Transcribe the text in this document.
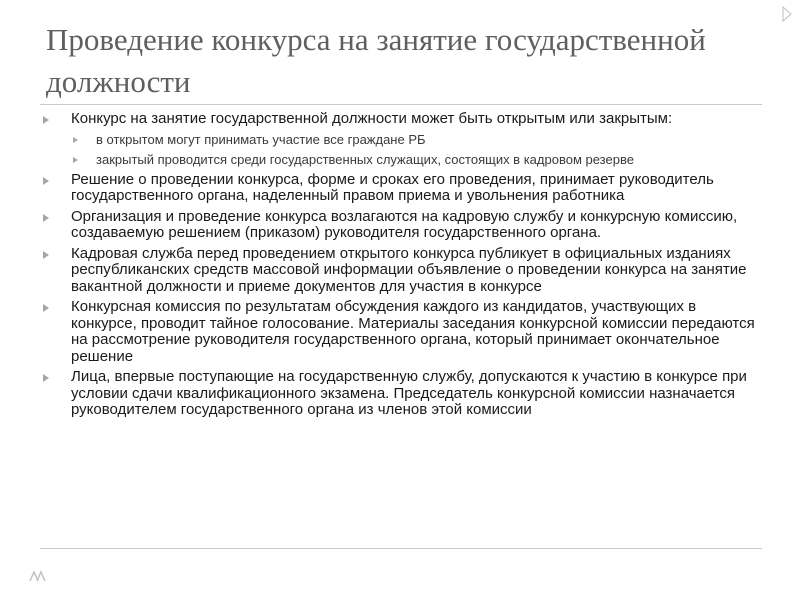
Проведение конкурса на занятие государственной должности
Конкурс на занятие государственной должности может быть открытым или закрытым:
в открытом могут принимать участие все граждане РБ
закрытый проводится среди государственных служащих, состоящих в кадровом резерве
Решение о проведении конкурса, форме и сроках его проведения, принимает руководитель государственного органа, наделенный правом приема и увольнения работника
Организация и проведение конкурса возлагаются на кадровую службу и конкурсную комиссию, создаваемую решением (приказом) руководителя государственного органа.
Кадровая служба перед проведением открытого конкурса публикует в официальных изданиях республиканских средств массовой информации объявление о проведении конкурса на занятие вакантной должности и приеме документов для участия в конкурсе
Конкурсная комиссия по результатам обсуждения каждого из кандидатов, участвующих в конкурсе, проводит тайное голосование. Материалы заседания конкурсной комиссии передаются на рассмотрение руководителя государственного органа, который принимает окончательное решение
Лица, впервые поступающие на государственную службу, допускаются к участию в конкурсе при условии сдачи квалификационного экзамена. Председатель конкурсной комиссии назначается руководителем государственного органа из членов этой комиссии
